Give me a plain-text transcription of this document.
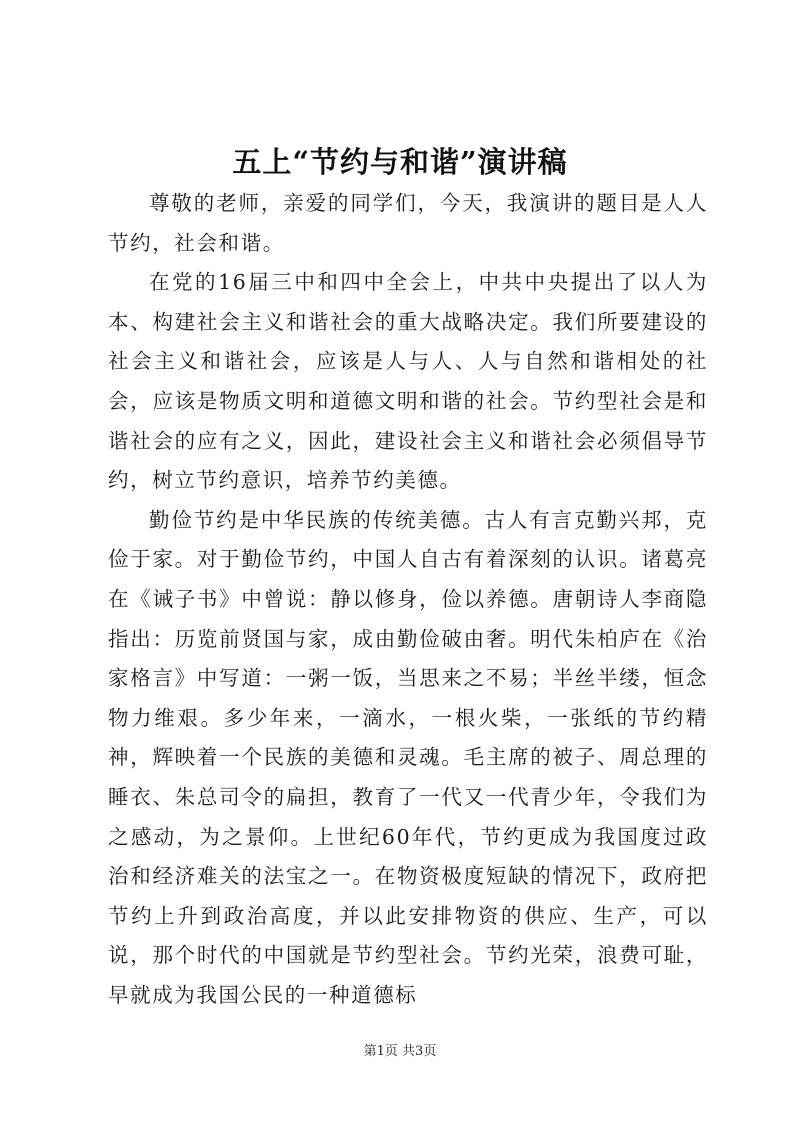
五上“节约与和谐”演讲稿

尊敬的老师，亲爱的同学们，今天，我演讲的题目是人人节约，社会和谐。

在党的16届三中和四中全会上，中共中央提出了以人为本、构建社会主义和谐社会的重大战略决定。我们所要建设的社会主义和谐社会，应该是人与人、人与自然和谐相处的社会，应该是物质文明和道德文明和谐的社会。节约型社会是和谐社会的应有之义，因此，建设社会主义和谐社会必须倡导节约，树立节约意识，培养节约美德。

勤俭节约是中华民族的传统美德。古人有言克勤兴邦，克俭于家。对于勤俭节约，中国人自古有着深刻的认识。诸葛亮在《诫子书》中曾说：静以修身，俭以养德。唐朝诗人李商隐指出：历览前贤国与家，成由勤俭破由奢。明代朱柏庐在《治家格言》中写道：一粥一饭，当思来之不易；半丝半缕，恒念物力维艰。多少年来，一滴水，一根火柴，一张纸的节约精神，辉映着一个民族的美德和灵魂。毛主席的被子、周总理的睡衣、朱总司令的扁担，教育了一代又一代青少年，令我们为之感动，为之景仰。上世纪60年代，节约更成为我国度过政治和经济难关的法宝之一。在物资极度短缺的情况下，政府把节约上升到政治高度，并以此安排物资的供应、生产，可以说，那个时代的中国就是节约型社会。节约光荣，浪费可耻，早就成为我国公民的一种道德标

第1页 共3页
